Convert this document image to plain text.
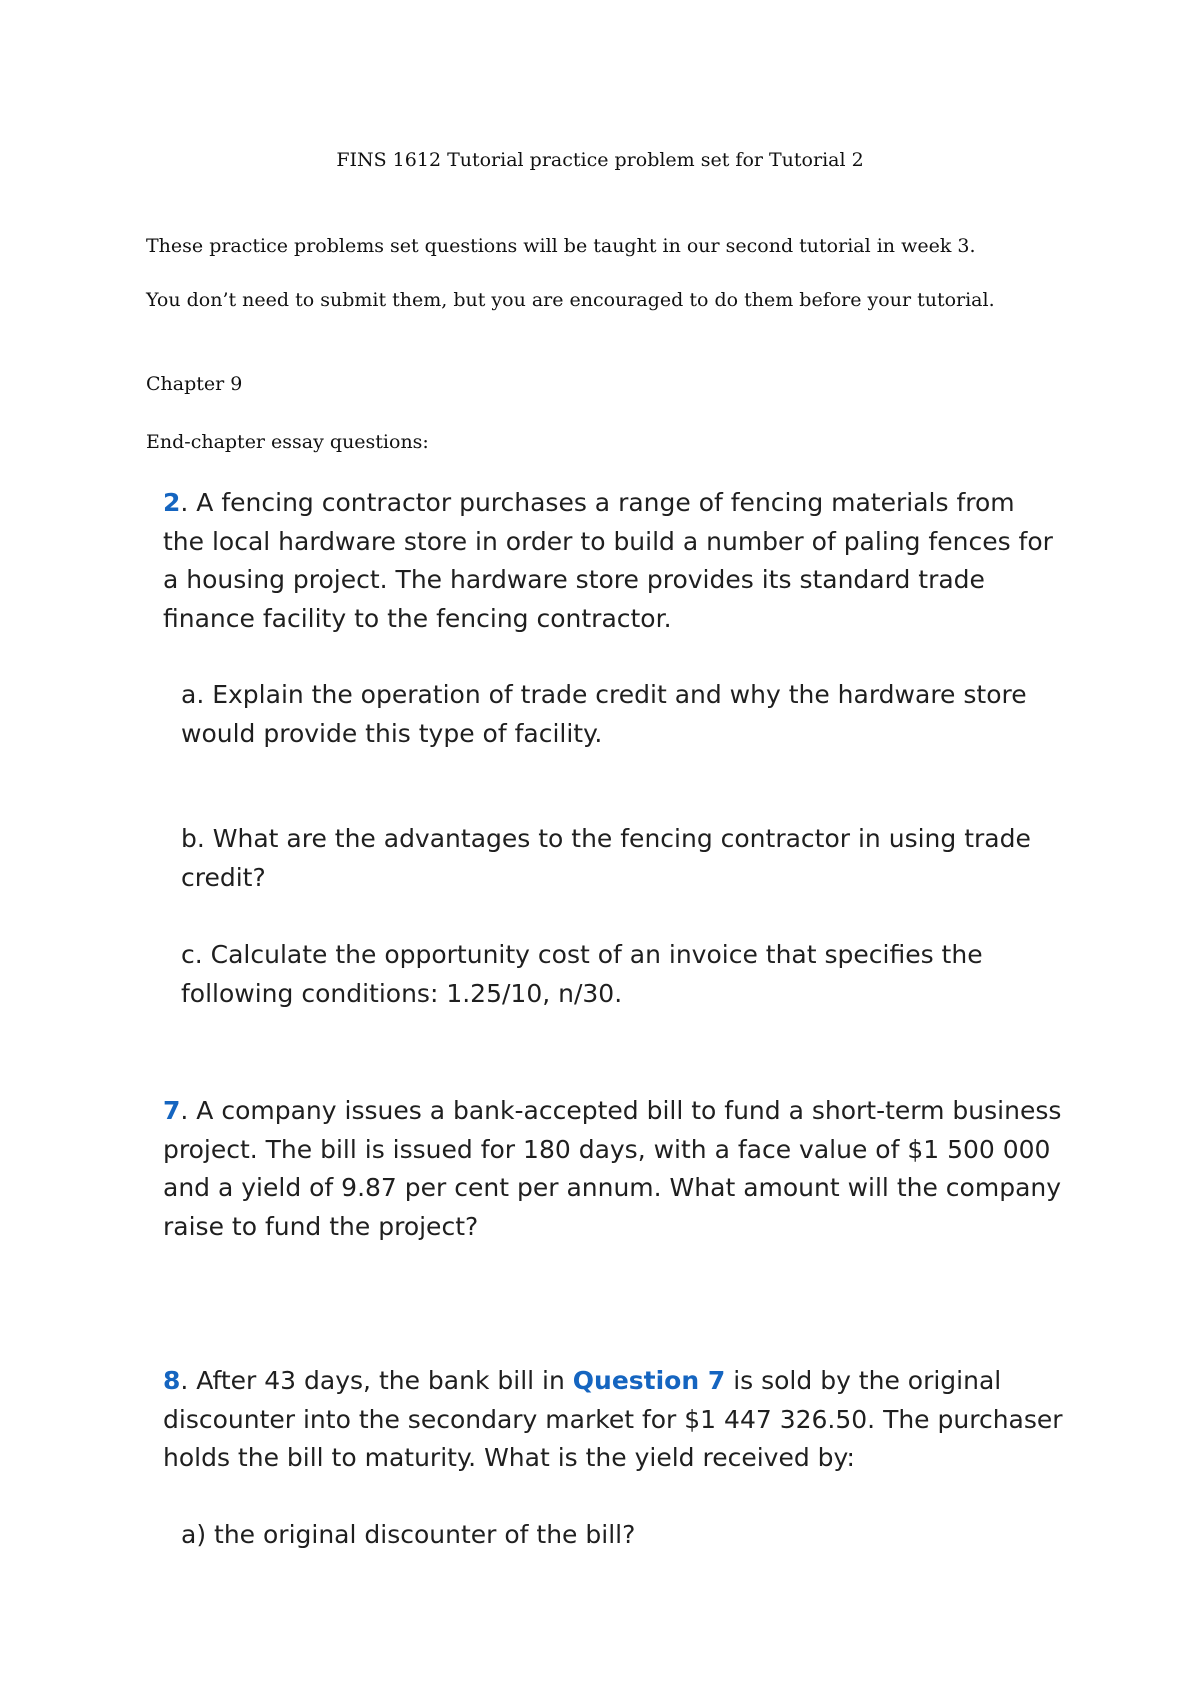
FINS 1612 Tutorial practice problem set for Tutorial 2

These practice problems set questions will be taught in our second tutorial in week 3.

You don’t need to submit them, but you are encouraged to do them before your tutorial.

Chapter 9

End-chapter essay questions:

2. A fencing contractor purchases a range of fencing materials from the local hardware store in order to build a number of paling fences for a housing project. The hardware store provides its standard trade finance facility to the fencing contractor.

a. Explain the operation of trade credit and why the hardware store would provide this type of facility.

b. What are the advantages to the fencing contractor in using trade credit?

c. Calculate the opportunity cost of an invoice that specifies the following conditions: 1.25/10, n/30.

7. A company issues a bank-accepted bill to fund a short-term business project. The bill is issued for 180 days, with a face value of $1 500 000 and a yield of 9.87 per cent per annum. What amount will the company raise to fund the project?

8. After 43 days, the bank bill in Question 7 is sold by the original discounter into the secondary market for $1 447 326.50. The purchaser holds the bill to maturity. What is the yield received by:

a) the original discounter of the bill?
